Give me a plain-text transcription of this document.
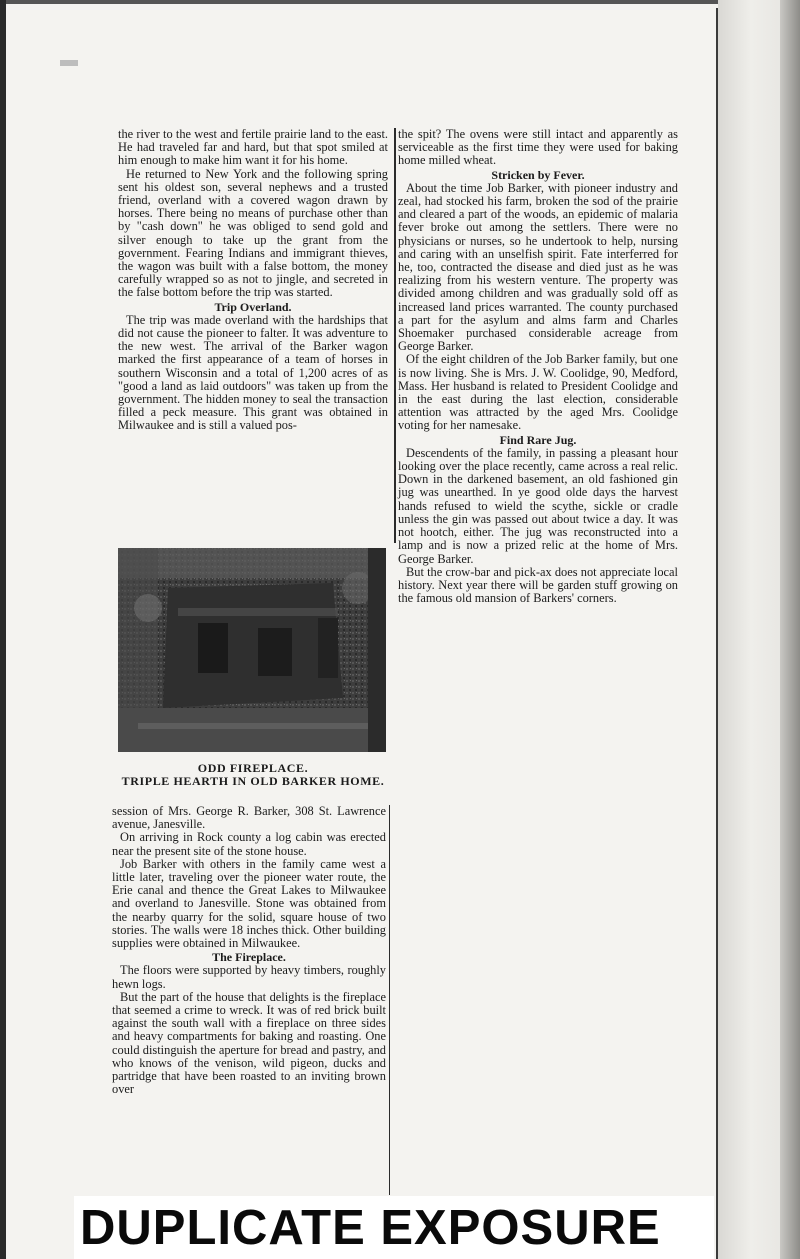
the river to the west and fertile prairie land to the east. He had traveled far and hard, but that spot smiled at him enough to make him want it for his home.

He returned to New York and the following spring sent his oldest son, several nephews and a trusted friend, overland with a covered wagon drawn by horses. There being no means of purchase other than by "cash down" he was obliged to send gold and silver enough to take up the grant from the government. Fearing Indians and immigrant thieves, the wagon was built with a false bottom, the money carefully wrapped so as not to jingle, and secreted in the false bottom before the trip was started.

Trip Overland.

The trip was made overland with the hardships that did not cause the pioneer to falter. It was adventure to the new west. The arrival of the Barker wagon marked the first appearance of a team of horses in southern Wisconsin and a total of 1,200 acres of as "good a land as laid outdoors" was taken up from the government. The hidden money to seal the transaction filled a peck measure. This grant was obtained in Milwaukee and is still a valued pos-

ODD FIREPLACE.
TRIPLE HEARTH IN OLD BARKER HOME.

session of Mrs. George R. Barker, 308 St. Lawrence avenue, Janesville.

On arriving in Rock county a log cabin was erected near the present site of the stone house.

Job Barker with others in the family came west a little later, traveling over the pioneer water route, the Erie canal and thence the Great Lakes to Milwaukee and overland to Janesville. Stone was obtained from the nearby quarry for the solid, square house of two stories. The walls were 18 inches thick. Other building supplies were obtained in Milwaukee.

The Fireplace.

The floors were supported by heavy timbers, roughly hewn logs.

But the part of the house that delights is the fireplace that seemed a crime to wreck. It was of red brick built against the south wall with a fireplace on three sides and heavy compartments for baking and roasting. One could distinguish the aperture for bread and pastry, and who knows of the venison, wild pigeon, ducks and partridge that have been roasted to an inviting brown over

the spit? The ovens were still intact and apparently as serviceable as the first time they were used for baking home milled wheat.

Stricken by Fever.

About the time Job Barker, with pioneer industry and zeal, had stocked his farm, broken the sod of the prairie and cleared a part of the woods, an epidemic of malaria fever broke out among the settlers. There were no physicians or nurses, so he undertook to help, nursing and caring with an unselfish spirit. Fate interferred for he, too, contracted the disease and died just as he was realizing from his western venture. The property was divided among children and was gradually sold off as increased land prices warranted. The county purchased a part for the asylum and alms farm and Charles Shoemaker purchased considerable acreage from George Barker.

Of the eight children of the Job Barker family, but one is now living. She is Mrs. J. W. Coolidge, 90, Medford, Mass. Her husband is related to President Coolidge and in the east during the last election, considerable attention was attracted by the aged Mrs. Coolidge voting for her namesake.

Find Rare Jug.

Descendents of the family, in passing a pleasant hour looking over the place recently, came across a real relic. Down in the darkened basement, an old fashioned gin jug was unearthed. In ye good olde days the harvest hands refused to wield the scythe, sickle or cradle unless the gin was passed out about twice a day. It was not hootch, either. The jug was reconstructed into a lamp and is now a prized relic at the home of Mrs. George Barker.

But the crow-bar and pick-ax does not appreciate local history. Next year there will be garden stuff growing on the famous old mansion of Barkers' corners.

DUPLICATE EXPOSURE
